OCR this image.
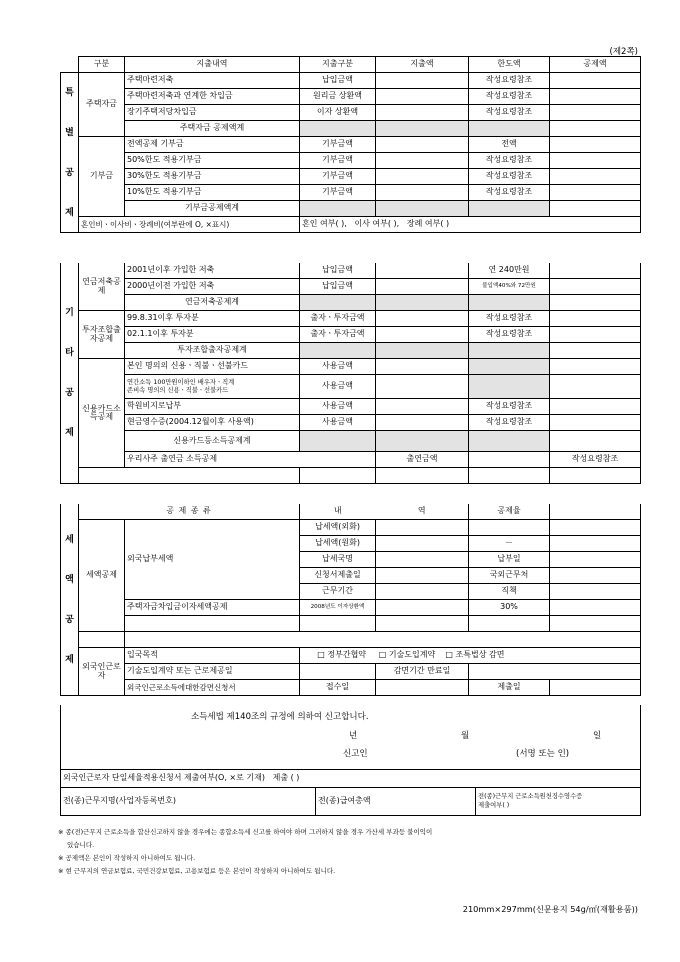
(제2쪽)
	구분	지출내역	지출구분	지출액	한도액	공제액
특

별

공

제	주택자금	주택마련저축	납입금액		작성요령참조	
		주택마련저축과 연계한 차입금	원리금 상환액		작성요령참조	
		장기주택저당차입금	이자 상환액		작성요령참조	
		주택자금 공제액계				
	기부금	전액공제 기부금	기부금액		전액	
		50%한도 적용기부금	기부금액		작성요령참조	
		30%한도 적용기부금	기부금액		작성요령참조	
		10%한도 적용기부금	기부금액		작성요령참조	
		기부금공제액계				
	혼인비ㆍ이사비ㆍ장례비(여부란에 O, ×표시)		혼인 여부( ), 이사 여부( ), 장례 여부( )			
기

타

공

제	연금저축공제	2001년이후 가입한 저축	납입금액		연 240만원		
		2000년이전 가입한 저축	납입금액		불입액40%와 72만원		
		연금저축공제계					
	투자조합출자공제	99.8.31이후 투자분	출자ㆍ투자금액		작성요령참조		
		02.1.1이후 투자분	출자ㆍ투자금액		작성요령참조		
		투자조합출자공제계					
	신용카드소득공제	본인 명의의 신용ㆍ직불ㆍ선불카드	사용금액				
		연간소득 100만원이하인 배우자ㆍ직계
존비속 명의의 신용ㆍ직불ㆍ선불카드	사용금액				
		학원비지로납부	사용금액		작성요령참조		
		현금영수증(2004.12월이후 사용액)	사용금액		작성요령참조		
		신용카드등소득공제계					
		우리사주 출연금 소득공제		출연금액		작성요령참조	

세

액

공

제	공 제 종 류		내	역	공제율	
	세액공제	외국납부세액	납세액(외화)			
			납세액(원화)		－	
			납세국명		납부일	
			신청서제출일		국외근무처	
			근무기간		직책	
		주택자금차입금이자세액공제	2008년도 이자상환액		30%	

	외국인근로자	입국목적	□ 정부간협약 □ 기술도입계약 □ 조특법상 감면			
		기술도입계약 또는 근로제공일		감면기간 만료일		
		외국인근로소득에대한감면신청서	접수일		제출일	
소득세법 제140조의 규정에 의하여 신고합니다.
년	월	일
신고인	(서명 또는 인)

외국인근로자 단일세율적용신청서 제출여부(O, ×로 기재) 제출 ( )
전(종)근무지명(사업자등록번호)	전(종)급여총액	전(종)근무지 근로소득원천징수영수증
제출여부( )
※ 종(전)근무지 근로소득을 합산신고하지 않을 경우에는 종합소득세 신고를 하여야 하며 그러하지 않을 경우 가산세 부과등 불이익이
있습니다.
※ 공제액은 본인이 작성하지 아니하여도 됩니다.
※ 현 근무지의 연금보험료, 국민건강보험료, 고용보험료 등은 본인이 작성하지 아니하여도 됩니다.
210mm×297mm(신문용지 54g/㎡(재활용품))
